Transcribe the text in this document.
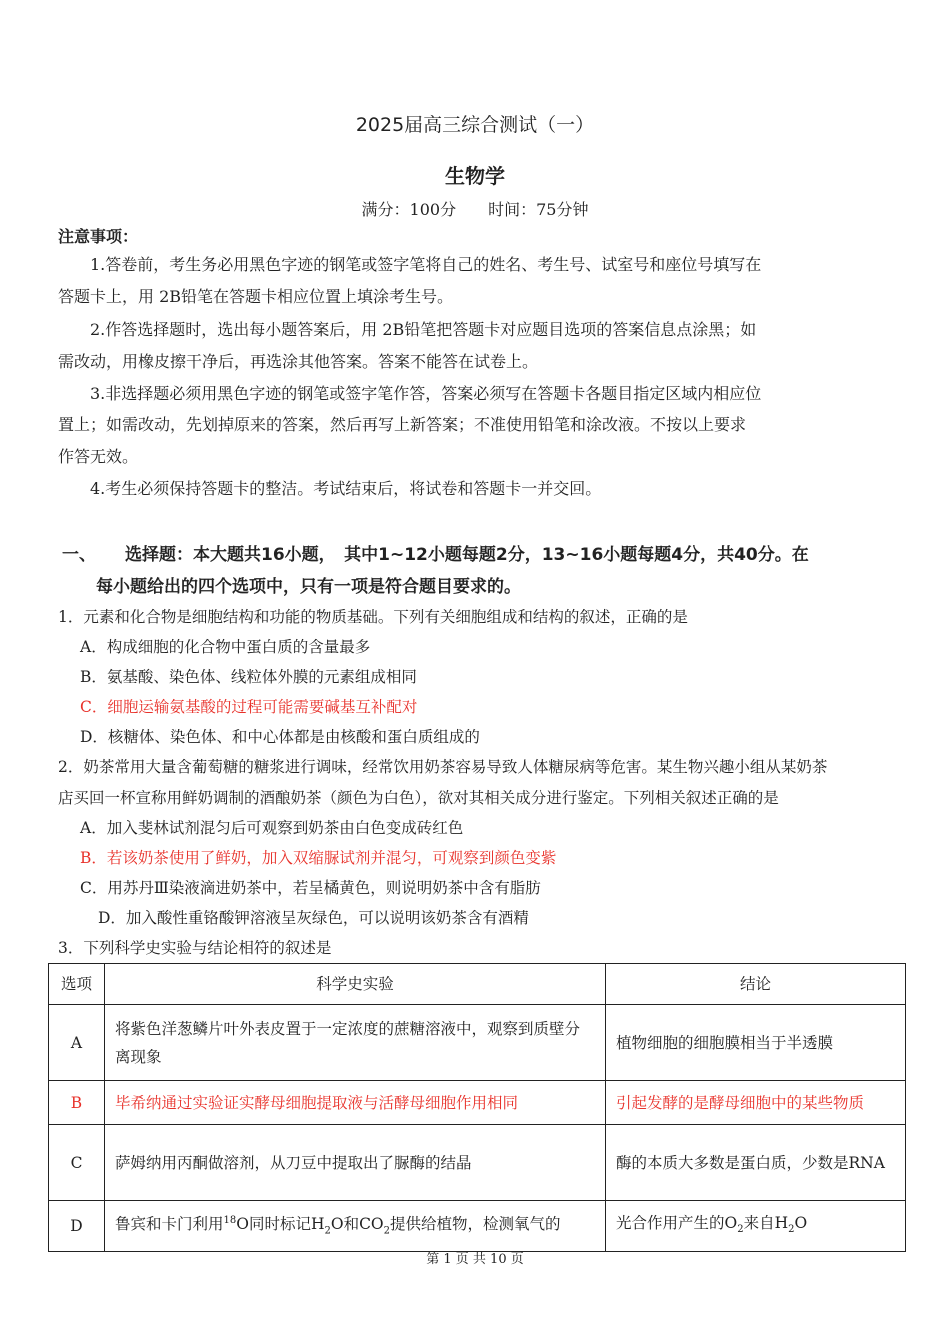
2025届高三综合测试（一）
生物学
满分：100分　　时间：75分钟
注意事项：
1.答卷前，考生务必用黑色字迹的钢笔或签字笔将自己的姓名、考生号、试室号和座位号填写在
答题卡上，用 2B铅笔在答题卡相应位置上填涂考生号。
2.作答选择题时，选出每小题答案后，用 2B铅笔把答题卡对应题目选项的答案信息点涂黑；如
需改动，用橡皮擦干净后，再选涂其他答案。答案不能答在试卷上。
3.非选择题必须用黑色字迹的钢笔或签字笔作答，答案必须写在答题卡各题目指定区域内相应位
置上；如需改动，先划掉原来的答案，然后再写上新答案；不准使用铅笔和涂改液。不按以上要求
作答无效。
4.考生必须保持答题卡的整洁。考试结束后，将试卷和答题卡一并交回。
一、 选择题：本大题共16小题，　其中1~12小题每题2分，13~16小题每题4分，共40分。在
每小题给出的四个选项中，只有一项是符合题目要求的。
1．元素和化合物是细胞结构和功能的物质基础。下列有关细胞组成和结构的叙述，正确的是
A．构成细胞的化合物中蛋白质的含量最多
B．氨基酸、染色体、线粒体外膜的元素组成相同
C．细胞运输氨基酸的过程可能需要碱基互补配对
D．核糖体、染色体、和中心体都是由核酸和蛋白质组成的
2．奶茶常用大量含葡萄糖的糖浆进行调味，经常饮用奶茶容易导致人体糖尿病等危害。某生物兴趣小组从某奶茶
店买回一杯宣称用鲜奶调制的酒酿奶茶（颜色为白色），欲对其相关成分进行鉴定。下列相关叙述正确的是
A．加入斐林试剂混匀后可观察到奶茶由白色变成砖红色
B．若该奶茶使用了鲜奶，加入双缩脲试剂并混匀，可观察到颜色变紫
C．用苏丹Ⅲ染液滴进奶茶中，若呈橘黄色，则说明奶茶中含有脂肪
D．加入酸性重铬酸钾溶液呈灰绿色，可以说明该奶茶含有酒精
3．下列科学史实验与结论相符的叙述是
选项	科学史实验	结论
A	将紫色洋葱鳞片叶外表皮置于一定浓度的蔗糖溶液中，观察到质壁分离现象	植物细胞的细胞膜相当于半透膜
B	毕希纳通过实验证实酵母细胞提取液与活酵母细胞作用相同	引起发酵的是酵母细胞中的某些物质
C	萨姆纳用丙酮做溶剂，从刀豆中提取出了脲酶的结晶	酶的本质大多数是蛋白质，少数是RNA
D	鲁宾和卡门利用$^{18}$O同时标记$H_2O$和$CO_2$提供给植物，检测氧气的	光合作用产生的$O_2$来自$H_2O$
第 1 页 共 10 页
